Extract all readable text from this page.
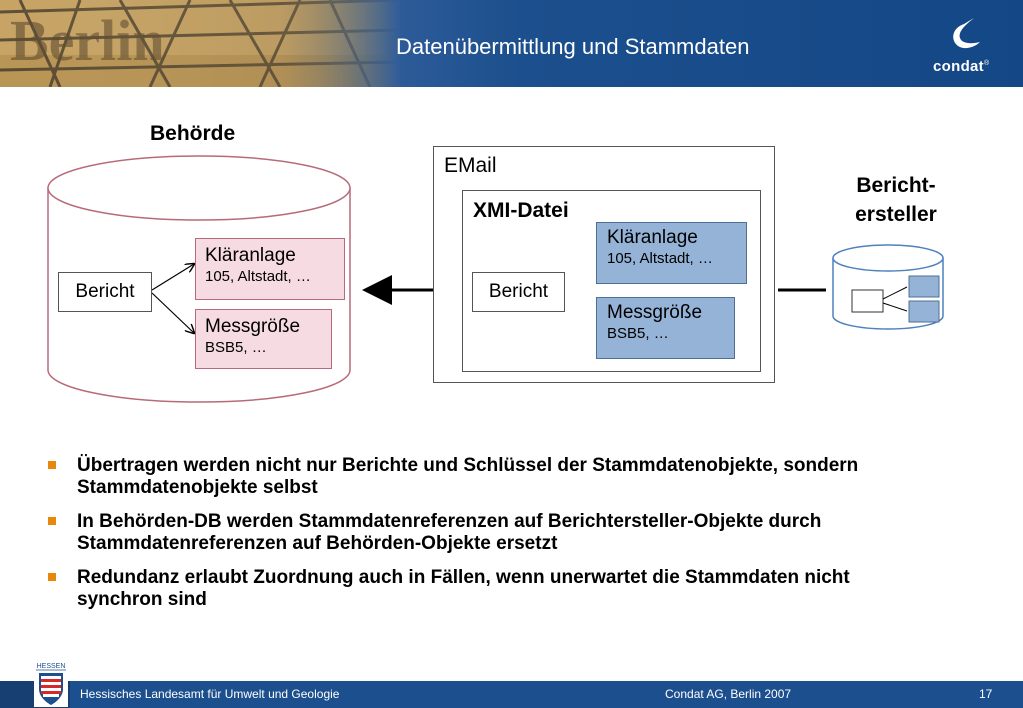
Datenübermittlung und Stammdaten
condat®
Behörde
Bericht-
ersteller
EMail
XMI-Datei
Bericht
Kläranlage
105, Altstadt, …
Messgröße
BSB5, …
Bericht
Kläranlage
105, Altstadt, …
Messgröße
BSB5, …
Übertragen werden nicht nur Berichte und Schlüssel der Stammdatenobjekte, sondern Stammdatenobjekte selbst
In Behörden-DB werden Stammdatenreferenzen auf Berichtersteller-Objekte durch Stammdatenreferenzen auf Behörden-Objekte ersetzt
Redundanz erlaubt Zuordnung auch in Fällen, wenn unerwartet die Stammdaten nicht synchron sind
HESSEN
Hessisches Landesamt für Umwelt und Geologie	Condat AG, Berlin 2007	17
